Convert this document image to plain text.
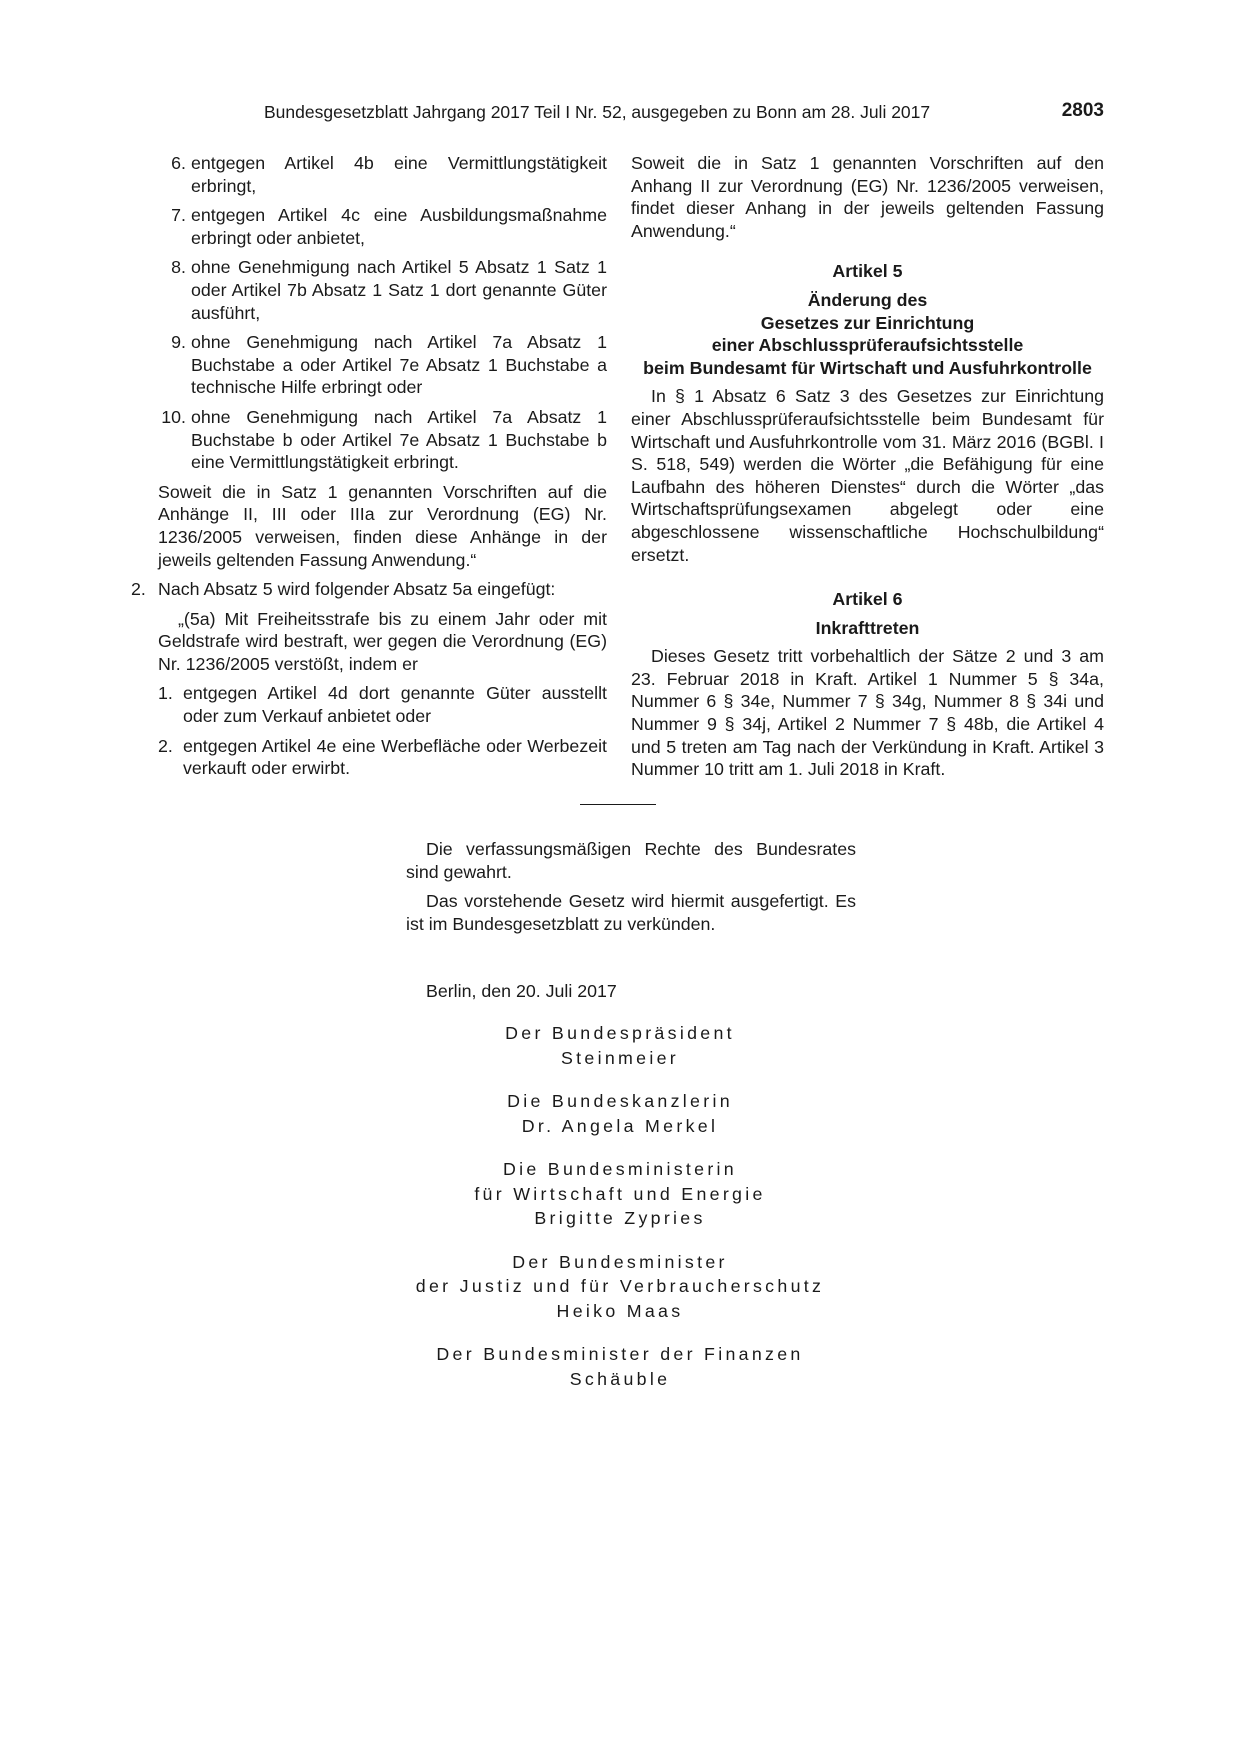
Bundesgesetzblatt Jahrgang 2017 Teil I Nr. 52, ausgegeben zu Bonn am 28. Juli 2017	2803
6. entgegen Artikel 4b eine Vermittlungstätigkeit erbringt,
7. entgegen Artikel 4c eine Ausbildungsmaßnahme erbringt oder anbietet,
8. ohne Genehmigung nach Artikel 5 Absatz 1 Satz 1 oder Artikel 7b Absatz 1 Satz 1 dort genannte Güter ausführt,
9. ohne Genehmigung nach Artikel 7a Absatz 1 Buchstabe a oder Artikel 7e Absatz 1 Buchstabe a technische Hilfe erbringt oder
10. ohne Genehmigung nach Artikel 7a Absatz 1 Buchstabe b oder Artikel 7e Absatz 1 Buchstabe b eine Vermittlungstätigkeit erbringt.

Soweit die in Satz 1 genannten Vorschriften auf die Anhänge II, III oder IIIa zur Verordnung (EG) Nr. 1236/2005 verweisen, finden diese Anhänge in der jeweils geltenden Fassung Anwendung.“

2. Nach Absatz 5 wird folgender Absatz 5a eingefügt:

„(5a) Mit Freiheitsstrafe bis zu einem Jahr oder mit Geldstrafe wird bestraft, wer gegen die Verordnung (EG) Nr. 1236/2005 verstößt, indem er

1. entgegen Artikel 4d dort genannte Güter ausstellt oder zum Verkauf anbietet oder
2. entgegen Artikel 4e eine Werbefläche oder Werbezeit verkauft oder erwirbt.

Soweit die in Satz 1 genannten Vorschriften auf den Anhang II zur Verordnung (EG) Nr. 1236/2005 verweisen, findet dieser Anhang in der jeweils geltenden Fassung Anwendung.“

Artikel 5
Änderung des
Gesetzes zur Einrichtung
einer Abschlussprüferaufsichtsstelle
beim Bundesamt für Wirtschaft und Ausfuhrkontrolle

In § 1 Absatz 6 Satz 3 des Gesetzes zur Einrichtung einer Abschlussprüferaufsichtsstelle beim Bundesamt für Wirtschaft und Ausfuhrkontrolle vom 31. März 2016 (BGBl. I S. 518, 549) werden die Wörter „die Befähigung für eine Laufbahn des höheren Dienstes“ durch die Wörter „das Wirtschaftsprüfungsexamen abgelegt oder eine abgeschlossene wissenschaftliche Hochschulbildung“ ersetzt.

Artikel 6
Inkrafttreten

Dieses Gesetz tritt vorbehaltlich der Sätze 2 und 3 am 23. Februar 2018 in Kraft. Artikel 1 Nummer 5 § 34a, Nummer 6 § 34e, Nummer 7 § 34g, Nummer 8 § 34i und Nummer 9 § 34j, Artikel 2 Nummer 7 § 48b, die Artikel 4 und 5 treten am Tag nach der Verkündung in Kraft. Artikel 3 Nummer 10 tritt am 1. Juli 2018 in Kraft.

Die verfassungsmäßigen Rechte des Bundesrates sind gewahrt.

Das vorstehende Gesetz wird hiermit ausgefertigt. Es ist im Bundesgesetzblatt zu verkünden.

Berlin, den 20. Juli 2017
Der Bundespräsident
Steinmeier
Die Bundeskanzlerin
Dr. Angela Merkel
Die Bundesministerin
für Wirtschaft und Energie
Brigitte Zypries
Der Bundesminister
der Justiz und für Verbraucherschutz
Heiko Maas
Der Bundesminister der Finanzen
Schäuble
